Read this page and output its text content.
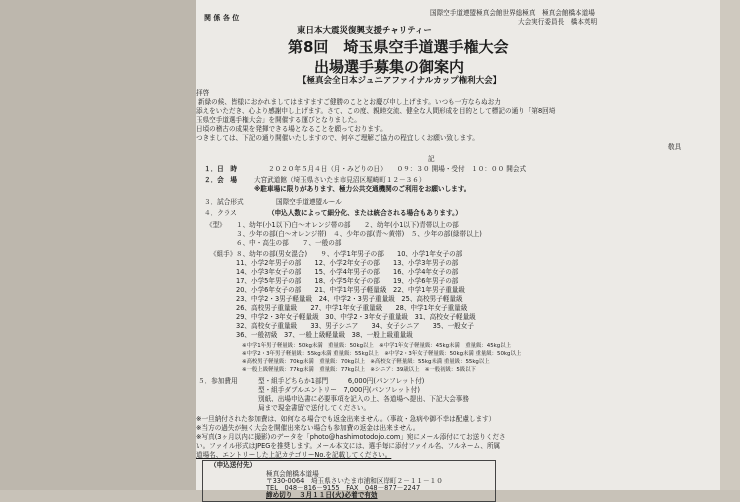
関 係 各 位
国際空手道連盟極真会館世界総極真　極真会館橋本道場
大会実行委員長　橋本英明
東日本大震災復興支援チャリティー
第8回　埼玉県空手道選手権大会
出場選手募集の御案内
【極真会全日本ジュニアファイナルカップ権利大会】
拝啓
新緑の候、皆様におかれましてはますますご健勝のこととお慶び申し上げます。いつも一方ならぬお力
添えをいただき、心より感謝申し上げます。さて、この度、親睦交流、健全な人間形成を目的として標記の通り「第8回埼
玉県空手道選手権大会」を開催する運びとなりました。
日頃の稽古の成果を発揮できる場となることを願っております。
つきましては、下記の通り開催いたしますので、何卒ご理解ご協力の程宜しくお願い致します。
敬具
記
１．日　時	２０２０年５月４日（月・みどりの日）　　０９：３０ 開場・受付　１０：００ 開会式
２．会　場	大宮武道館（埼玉県さいたま市見沼区堀崎町１２－３６）
※駐車場に限りがあります、極力公共交通機関のご利用をお願いします。
３．試合形式	国際空手道連盟ルール
４．クラス	（申込人数によって細分化、または統合される場合もあります。）
《型》 １、幼年(小1以下)白～オレンジ帯の部　　２、幼年(小1以下)青帯以上の部
３、少年の部(白～オレンジ帯)　４、少年の部(青～黄帯)　５、少年の部(緑帯以上)
６、中・高生の部　　７、一般の部
《組手》 ８、幼年の部(男女混合)　　９、小学1年男子の部　　10、小学1年女子の部
11、小学2年男子の部　　12、小学2年女子の部　　13、小学3年男子の部
14、小学3年女子の部　　15、小学4年男子の部　　16、小学4年女子の部
17、小学5年男子の部　　18、小学5年女子の部　　19、小学6年男子の部
20、小学6年女子の部　　21、中学1年男子軽量級　22、中学1年男子重量級
23、中学2・3男子軽量級　24、中学2・3男子重量級　25、高校男子軽量級
26、高校男子重量級　　27、中学1年女子重量級　　28、中学1年女子重量級
29、中学2・3年女子軽量級　30、中学2・3年女子重量級　31、高校女子軽量級
32、高校女子重量級　　33、男子シニア　　34、女子シニア　　35、一般女子
36、一般初級　37、一般上級軽量級　38、一般上級重量級
※中学1年男子軽量級：50kg未満　重量級：50kg以上　※中学1年女子軽量級：45kg未満　重量級：45kg以上
※中学2・3年男子軽量級：55kg未満 重量級：55kg以上　※中学2・3年女子軽量級：50kg未満 重量級：50kg以上
※高校男子軽量級：70kg未満　重量級：70kg以上　※高校女子軽量級：55kg未満 重量級：55kg以上
※一般上級軽量級：77kg未満　重量級：77kg以上　※シニア：39歳以上　※一般初級：5級以下
５．参加費用	型・組手どちらか1部門　　　6,000円(パンフレット付)
型・組手ダブルエントリー　7,000円(パンフレット付)
別紙、出場申込書に必要事項を記入の上、各道場へ提出、下記大会事務
局まで現金書留で送付してください。
※一旦納付された参加費は、如何なる場合でも返金出来ません。（事故・急病や御不幸は配慮します）
※当方の過失が無く大会を開催出来ない場合も参加費の返金は出来ません。
※写真(3ヶ月以内に撮影)のデータを「photo@hashimotodojo.com」宛にメール添付にてお送りくださ
い。ファイル形式はJPEGを推奨します。メール本文には、選手毎に添付ファイル名、フルネーム、所属
道場名、エントリーした上記カテゴリーNo.を記載してください。
（申込送付先）
極真会館橋本道場
〒330-0064　埼玉県さいたま市浦和区岸町２－１１－１０
TEL　048－816－9155　FAX　048－877－2247
締め切り　３月１１日(火)必着で有効
